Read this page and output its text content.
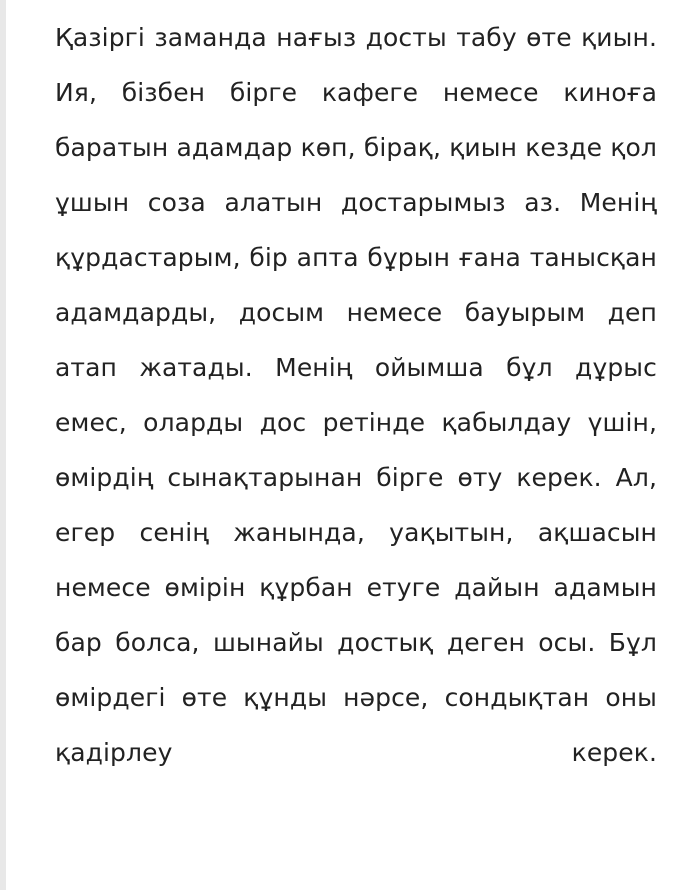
Қазіргі заманда нағыз досты табу өте қиын. Ия, бізбен бірге кафеге немесе киноға баратын адамдар көп, бірақ, қиын кезде қол ұшын соза алатын достарымыз аз. Менің құрдастарым, бір апта бұрын ғана танысқан адамдарды, досым немесе бауырым деп атап жатады. Менің ойымша бұл дұрыс емес, оларды дос ретінде қабылдау үшін, өмірдің сынақтарынан бірге өту керек. Ал, егер сенің жанында, уақытын, ақшасын немесе өмірін құрбан етуге дайын адамын бар болса, шынайы достық деген осы. Бұл өмірдегі өте құнды нәрсе, сондықтан оны қадірлеу керек.
